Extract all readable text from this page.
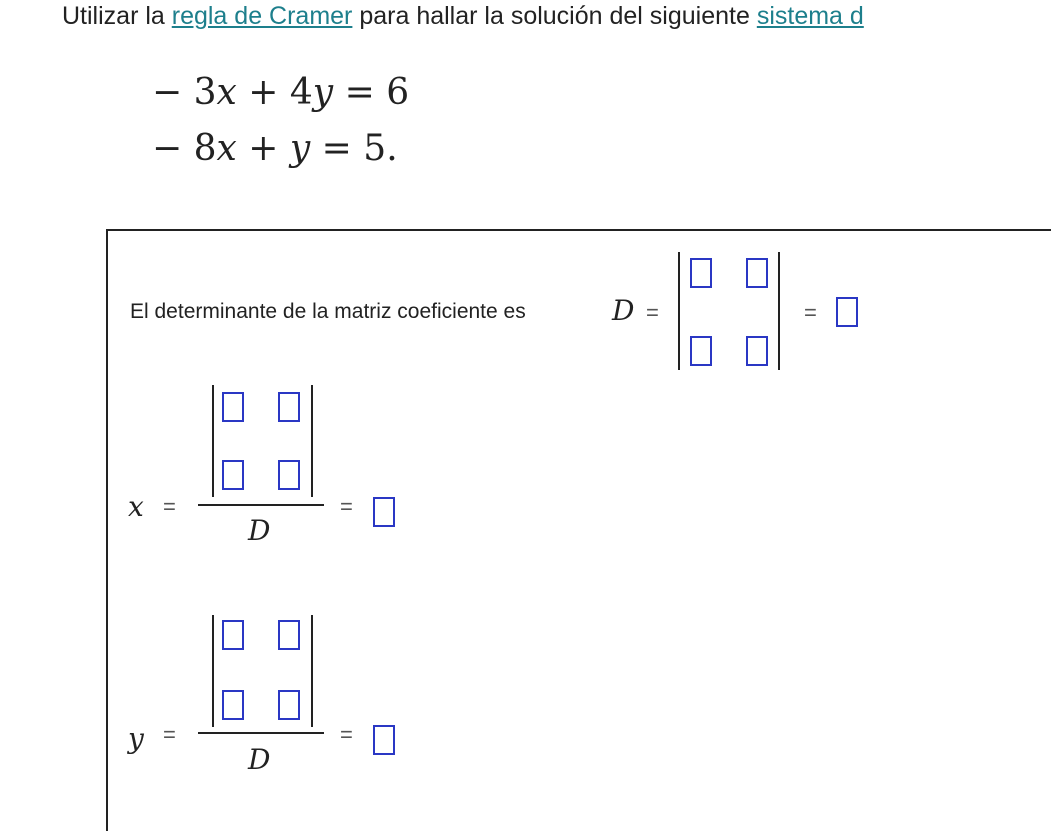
Utilizar la regla de Cramer para hallar la solución del siguiente sistema d
− 3x + 4y = 6
− 8x + y = 5.
El determinante de la matriz coeficiente es	D =	=
x =
D
=
y =
D
=
